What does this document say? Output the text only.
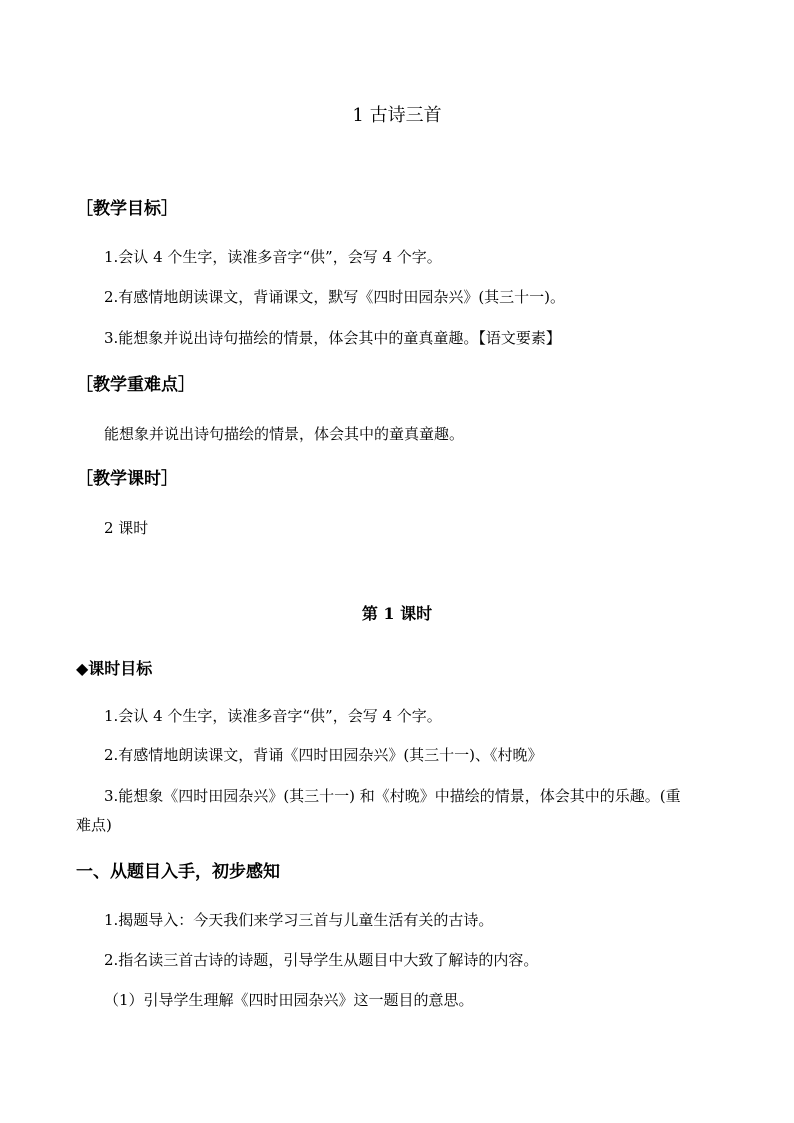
1 古诗三首
［教学目标］
1.会认 4 个生字，读准多音字“供”，会写 4 个字。
2.有感情地朗读课文，背诵课文，默写《四时田园杂兴》(其三十一)。
3.能想象并说出诗句描绘的情景，体会其中的童真童趣。【语文要素】
［教学重难点］
能想象并说出诗句描绘的情景，体会其中的童真童趣。
［教学课时］
2 课时
第 1 课时
◆课时目标
1.会认 4 个生字，读准多音字“供”，会写 4 个字。
2.有感情地朗读课文，背诵《四时田园杂兴》(其三十一)、《村晚》
3.能想象《四时田园杂兴》(其三十一) 和《村晚》中描绘的情景，体会其中的乐趣。(重
难点)
一、从题目入手，初步感知
1.揭题导入：今天我们来学习三首与儿童生活有关的古诗。
2.指名读三首古诗的诗题，引导学生从题目中大致了解诗的内容。
（1）引导学生理解《四时田园杂兴》这一题目的意思。
